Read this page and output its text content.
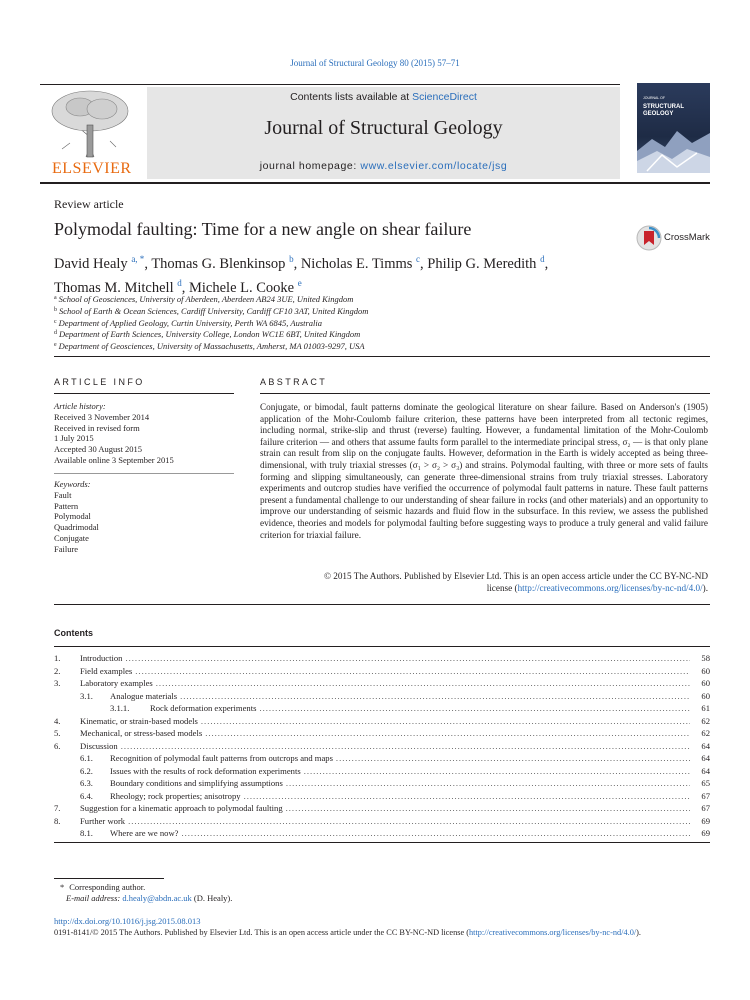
Journal of Structural Geology 80 (2015) 57–71
ELSEVIER
Contents lists available at ScienceDirect
Journal of Structural Geology
journal homepage: www.elsevier.com/locate/jsg
JOURNAL OF
STRUCTURAL
GEOLOGY
Review article
Polymodal faulting: Time for a new angle on shear failure	CrossMark
David Healy $^{a, *}$, Thomas G. Blenkinsop $^b$, Nicholas E. Timms $^c$, Philip G. Meredith $^d$,
Thomas M. Mitchell $^d$, Michele L. Cooke $^e$
$^a$ School of Geosciences, University of Aberdeen, Aberdeen AB24 3UE, United Kingdom
$^b$ School of Earth & Ocean Sciences, Cardiff University, Cardiff CF10 3AT, United Kingdom
$^c$ Department of Applied Geology, Curtin University, Perth WA 6845, Australia
$^d$ Department of Earth Sciences, University College, London WC1E 6BT, United Kingdom
$^e$ Department of Geosciences, University of Massachusetts, Amherst, MA 01003-9297, USA
ARTICLE INFO
Article history:
Received 3 November 2014
Received in revised form
1 July 2015
Accepted 30 August 2015
Available online 3 September 2015
Keywords:
Fault
Pattern
Polymodal
Quadrimodal
Conjugate
Failure
ABSTRACT
Conjugate, or bimodal, fault patterns dominate the geological literature on shear failure. Based on Anderson's (1905) application of the Mohr-Coulomb failure criterion, these patterns have been interpreted from all tectonic regimes, including normal, strike-slip and thrust (reverse) faulting. However, a fundamental limitation of the Mohr-Coulomb failure criterion — and others that assume faults form parallel to the intermediate principal stress, σ₂ — is that only plane strain can result from slip on the conjugate faults. However, deformation in the Earth is widely accepted as being three-dimensional, with truly triaxial stresses (σ₁ > σ₂ > σ₃) and strains. Polymodal faulting, with three or more sets of faults forming and slipping simultaneously, can generate three-dimensional strains from truly triaxial stresses. Laboratory experiments and outcrop studies have verified the occurrence of polymodal fault patterns in nature. These fault patterns present a fundamental challenge to our understanding of shear failure in rocks (and other materials) and an opportunity to improve our understanding of seismic hazards and fluid flow in the subsurface. In this review, we assess the published evidence, theories and models for polymodal faulting before suggesting ways to produce a truly general and valid failure criterion for triaxial failure.
© 2015 The Authors. Published by Elsevier Ltd. This is an open access article under the CC BY-NC-ND
license (http://creativecommons.org/licenses/by-nc-nd/4.0/).
Contents
1.	Introduction .....	58
2.	Field examples .....	60
3.	Laboratory examples .....	60
3.1.	Analogue materials .....	60
3.1.1.	Rock deformation experiments .....	61
4.	Kinematic, or strain-based models .....	62
5.	Mechanical, or stress-based models .....	62
6.	Discussion .....	64
6.1.	Recognition of polymodal fault patterns from outcrops and maps .....	64
6.2.	Issues with the results of rock deformation experiments .....	64
6.3.	Boundary conditions and simplifying assumptions .....	65
6.4.	Rheology; rock properties; anisotropy .....	67
7.	Suggestion for a kinematic approach to polymodal faulting .....	67
8.	Further work .....	69
8.1.	Where are we now? .....	69
* Corresponding author.
E-mail address: d.healy@abdn.ac.uk (D. Healy).
http://dx.doi.org/10.1016/j.jsg.2015.08.013
0191-8141/© 2015 The Authors. Published by Elsevier Ltd. This is an open access article under the CC BY-NC-ND license (http://creativecommons.org/licenses/by-nc-nd/4.0/).
